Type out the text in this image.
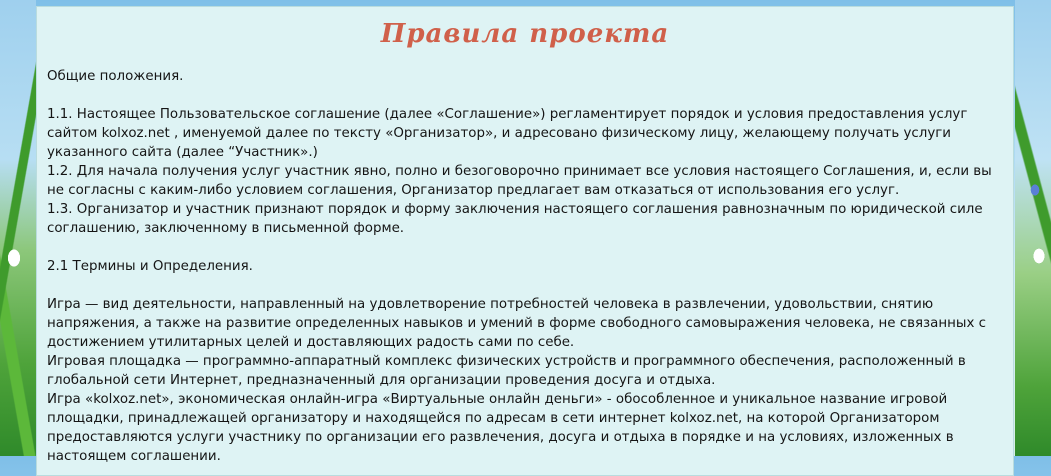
Правила проекта

Общие положения.

1.1. Настоящее Пользовательское соглашение (далее «Соглашение») регламентирует порядок и условия предоставления услуг сайтом kolxoz.net , именуемой далее по тексту «Организатор», и адресовано физическому лицу, желающему получать услуги указанного сайта (далее “Участник».)

1.2. Для начала получения услуг участник явно, полно и безоговорочно принимает все условия настоящего Соглашения, и, если вы не согласны с каким-либо условием соглашения, Организатор предлагает вам отказаться от использования его услуг.

1.3. Организатор и участник признают порядок и форму заключения настоящего соглашения равнозначным по юридической силе соглашению, заключенному в письменной форме.

2.1 Термины и Определения.

Игра — вид деятельности, направленный на удовлетворение потребностей человека в развлечении, удовольствии, снятию напряжения, а также на развитие определенных навыков и умений в форме свободного самовыражения человека, не связанных с достижением утилитарных целей и доставляющих радость сами по себе.

Игровая площадка — программно-аппаратный комплекс физических устройств и программного обеспечения, расположенный в глобальной сети Интернет, предназначенный для организации проведения досуга и отдыха.

Игра «kolxoz.net», экономическая онлайн-игра «Виртуальные онлайн деньги» - обособленное и уникальное название игровой площадки, принадлежащей организатору и находящейся по адресам в сети интернет kolxoz.net, на которой Организатором предоставляются услуги участнику по организации его развлечения, досуга и отдыха в порядке и на условиях, изложенных в настоящем соглашении.
